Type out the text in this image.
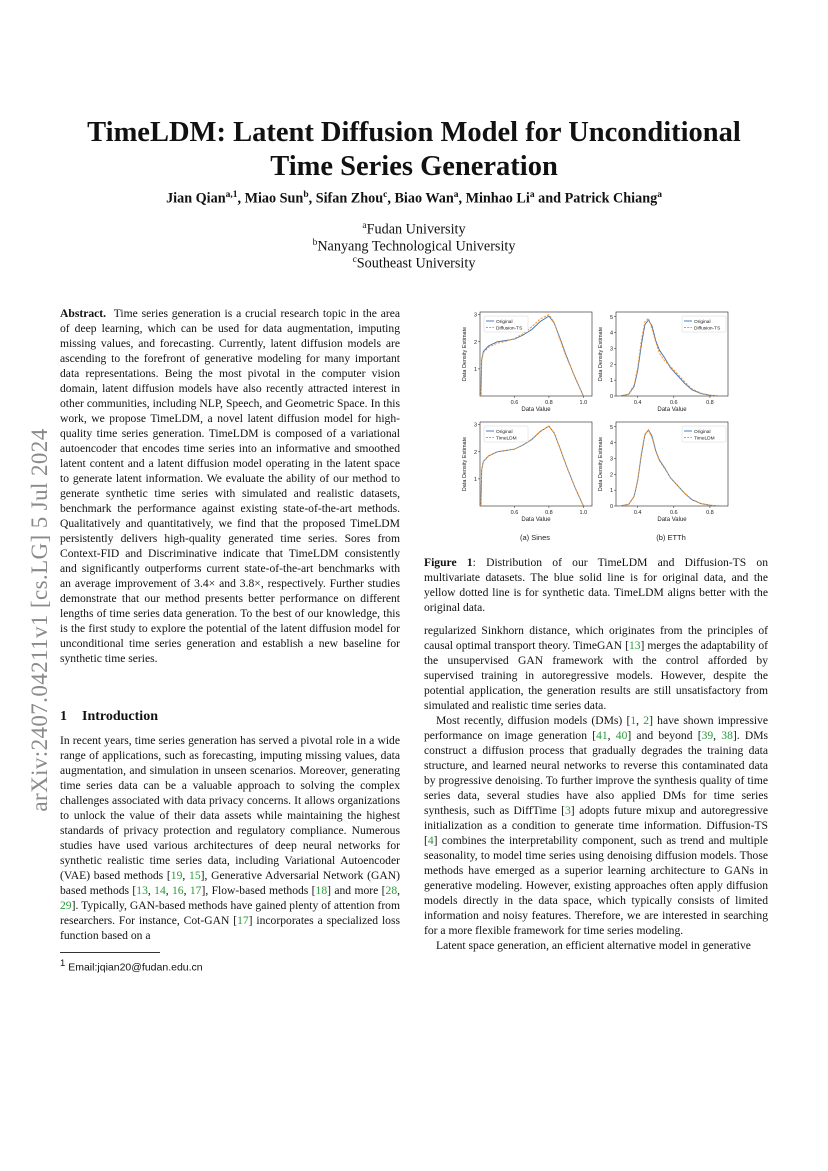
arXiv:2407.04211v1 [cs.LG] 5 Jul 2024
TimeLDM: Latent Diffusion Model for Unconditional
Time Series Generation
Jian Qian$^{a,1}$, Miao Sun$^b$, Sifan Zhou$^c$, Biao Wan$^a$, Minhao Li$^a$ and Patrick Chiang$^a$
$^a$Fudan University
$^b$Nanyang Technological University
$^c$Southeast University

Abstract. Time series generation is a crucial research topic in the area of deep learning, which can be used for data augmentation, imputing missing values, and forecasting. Currently, latent diffusion models are ascending to the forefront of generative modeling for many important data representations. Being the most pivotal in the computer vision domain, latent diffusion models have also recently attracted interest in other communities, including NLP, Speech, and Geometric Space. In this work, we propose TimeLDM, a novel latent diffusion model for high-quality time series generation. TimeLDM is composed of a variational autoencoder that encodes time series into an informative and smoothed latent content and a latent diffusion model operating in the latent space to generate latent information. We evaluate the ability of our method to generate synthetic time series with simulated and realistic datasets, benchmark the performance against existing state-of-the-art methods. Qualitatively and quantitatively, we find that the proposed TimeLDM persistently delivers high-quality generated time series. Sores from Context-FID and Discriminative indicate that TimeLDM consistently and significantly outperforms current state-of-the-art benchmarks with an average improvement of 3.4× and 3.8×, respectively. Further studies demonstrate that our method presents better performance on different lengths of time series data generation. To the best of our knowledge, this is the first study to explore the potential of the latent diffusion model for unconditional time series generation and establish a new baseline for synthetic time series.

1 Introduction

In recent years, time series generation has served a pivotal role in a wide range of applications, such as forecasting, imputing missing values, data augmentation, and simulation in unseen scenarios. Moreover, generating time series data can be a valuable approach to solving the complex challenges associated with data privacy concerns. It allows organizations to unlock the value of their data assets while maintaining the highest standards of privacy protection and regulatory compliance. Numerous studies have used various architectures of deep neural networks for synthetic realistic time series data, including Variational Autoencoder (VAE) based methods [19, 15], Generative Adversarial Network (GAN) based methods [13, 14, 16, 17], Flow-based methods [18] and more [28, 29]. Typically, GAN-based methods have gained plenty of attention from researchers. For instance, Cot-GAN [17] incorporates a specialized loss function based on a

$^1$ Email:jqian20@fudan.edu.cn
0.6	0.8	1.0
1
2
3
Data Value
Data Density Estimate
Original
Diffusion-TS
0.4	0.6	0.8
0
1
2
3
4
5
Data Value
Data Density Estimate
Original
Diffusion-TS
0.6	0.8	1.0
1
2
3
Data Value
Data Density Estimate
Original
TimeLDM
0.4	0.6	0.8
0
1
2
3
4
5
Data Value
Data Density Estimate
Original
TimeLDM
(a) Sines	(b) ETTh
Figure 1: Distribution of our TimeLDM and Diffusion-TS on multivariate datasets. The blue solid line is for original data, and the yellow dotted line is for synthetic data. TimeLDM aligns better with the original data.

regularized Sinkhorn distance, which originates from the principles of causal optimal transport theory. TimeGAN [13] merges the adaptability of the unsupervised GAN framework with the control afforded by supervised training in autoregressive models. However, despite the potential application, the generation results are still unsatisfactory from simulated and realistic time series data.

Most recently, diffusion models (DMs) [1, 2] have shown impressive performance on image generation [41, 40] and beyond [39, 38]. DMs construct a diffusion process that gradually degrades the training data structure, and learned neural networks to reverse this contaminated data by progressive denoising. To further improve the synthesis quality of time series data, several studies have also applied DMs for time series synthesis, such as DiffTime [3] adopts future mixup and autoregressive initialization as a condition to generate time information. Diffusion-TS [4] combines the interpretability component, such as trend and multiple seasonality, to model time series using denoising diffusion models. Those methods have emerged as a superior learning architecture to GANs in generative modeling. However, existing approaches often apply diffusion models directly in the data space, which typically consists of limited information and noisy features. Therefore, we are interested in searching for a more flexible framework for time series modeling.

Latent space generation, an efficient alternative model in generative
